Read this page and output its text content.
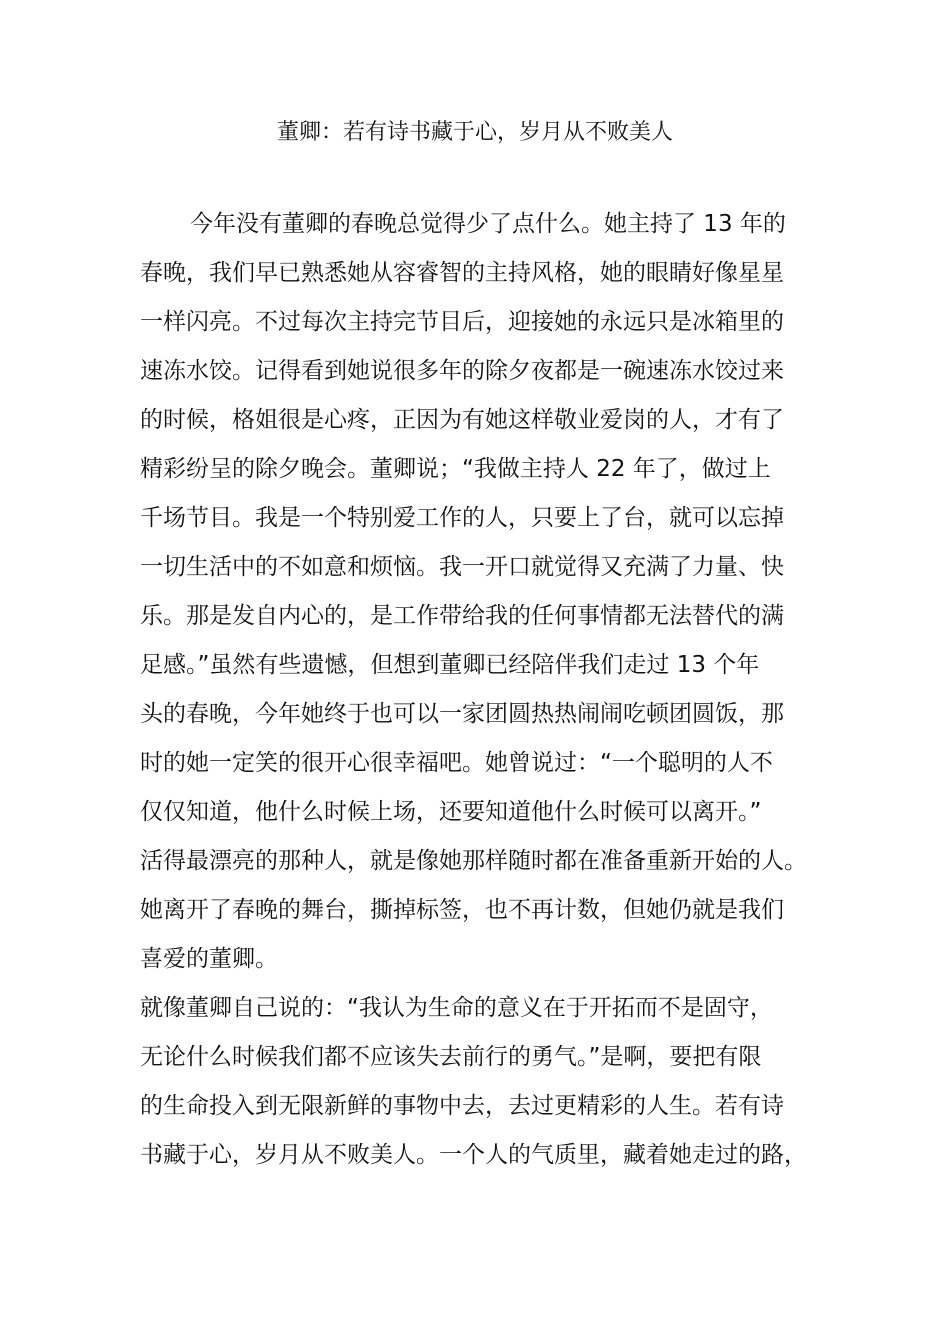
董卿：若有诗书藏于心，岁月从不败美人
今年没有董卿的春晚总觉得少了点什么。她主持了 13 年的
春晚，我们早已熟悉她从容睿智的主持风格，她的眼睛好像星星
一样闪亮。不过每次主持完节目后，迎接她的永远只是冰箱里的
速冻水饺。记得看到她说很多年的除夕夜都是一碗速冻水饺过来
的时候，格姐很是心疼，正因为有她这样敬业爱岗的人，才有了
精彩纷呈的除夕晚会。董卿说；“我做主持人 22 年了，做过上
千场节目。我是一个特别爱工作的人，只要上了台，就可以忘掉
一切生活中的不如意和烦恼。我一开口就觉得又充满了力量、快
乐。那是发自内心的，是工作带给我的任何事情都无法替代的满
足感。”虽然有些遗憾，但想到董卿已经陪伴我们走过 13 个年
头的春晚，今年她终于也可以一家团圆热热闹闹吃顿团圆饭，那
时的她一定笑的很开心很幸福吧。她曾说过：“一个聪明的人不
仅仅知道，他什么时候上场，还要知道他什么时候可以离开。”
活得最漂亮的那种人，就是像她那样随时都在准备重新开始的人。
她离开了春晚的舞台，撕掉标签，也不再计数，但她仍就是我们
喜爱的董卿。
就像董卿自己说的：“我认为生命的意义在于开拓而不是固守，
无论什么时候我们都不应该失去前行的勇气。”是啊，要把有限
的生命投入到无限新鲜的事物中去，去过更精彩的人生。若有诗
书藏于心，岁月从不败美人。一个人的气质里，藏着她走过的路，
